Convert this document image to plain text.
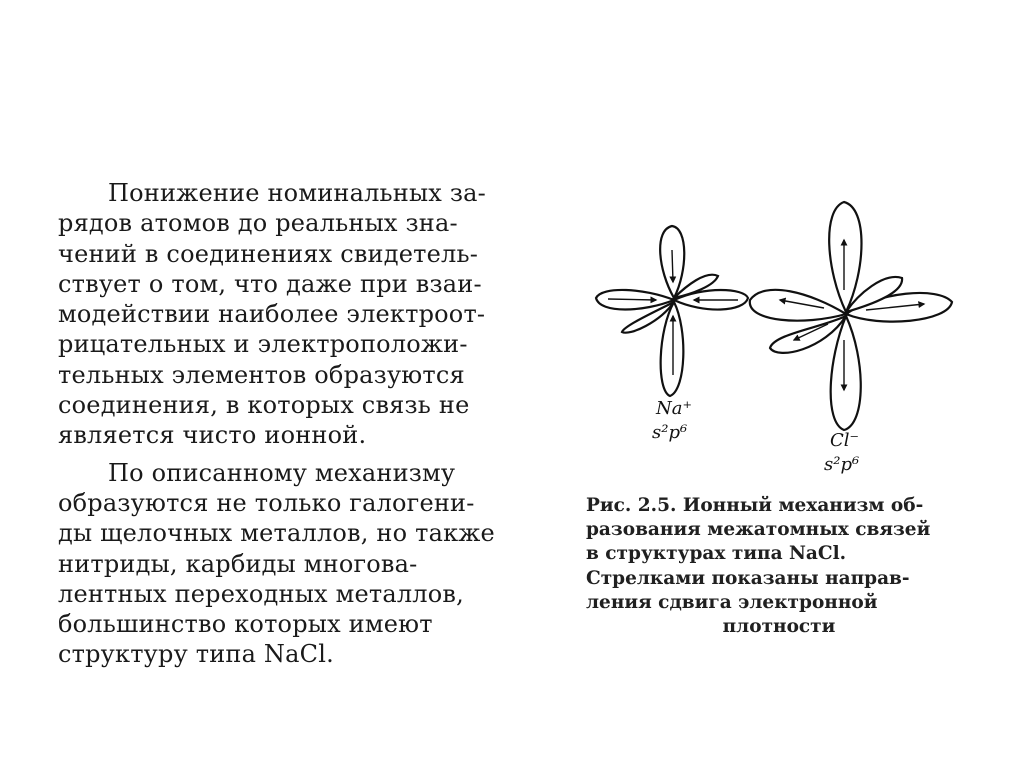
Понижение номинальных за-
рядов атомов до реальных зна-
чений в соединениях свидетель-
ствует о том, что даже при взаи-
модействии наиболее электроот-
рицательных и электроположи-
тельных элементов образуются
соединения, в которых связь не
является чисто ионной.

По описанному механизму
образуются не только галогени-
ды щелочных металлов, но также
нитриды, карбиды многова-
лентных переходных металлов,
большинство которых имеют
структуру типа NaCl.

Na⁺
s²p⁶	Cl⁻
s²p⁶
Рис. 2.5. Ионный механизм об-
разования межатомных связей
в структурах типа NaCl.
Стрелками показаны направ-
ления сдвига электронной
плотности
